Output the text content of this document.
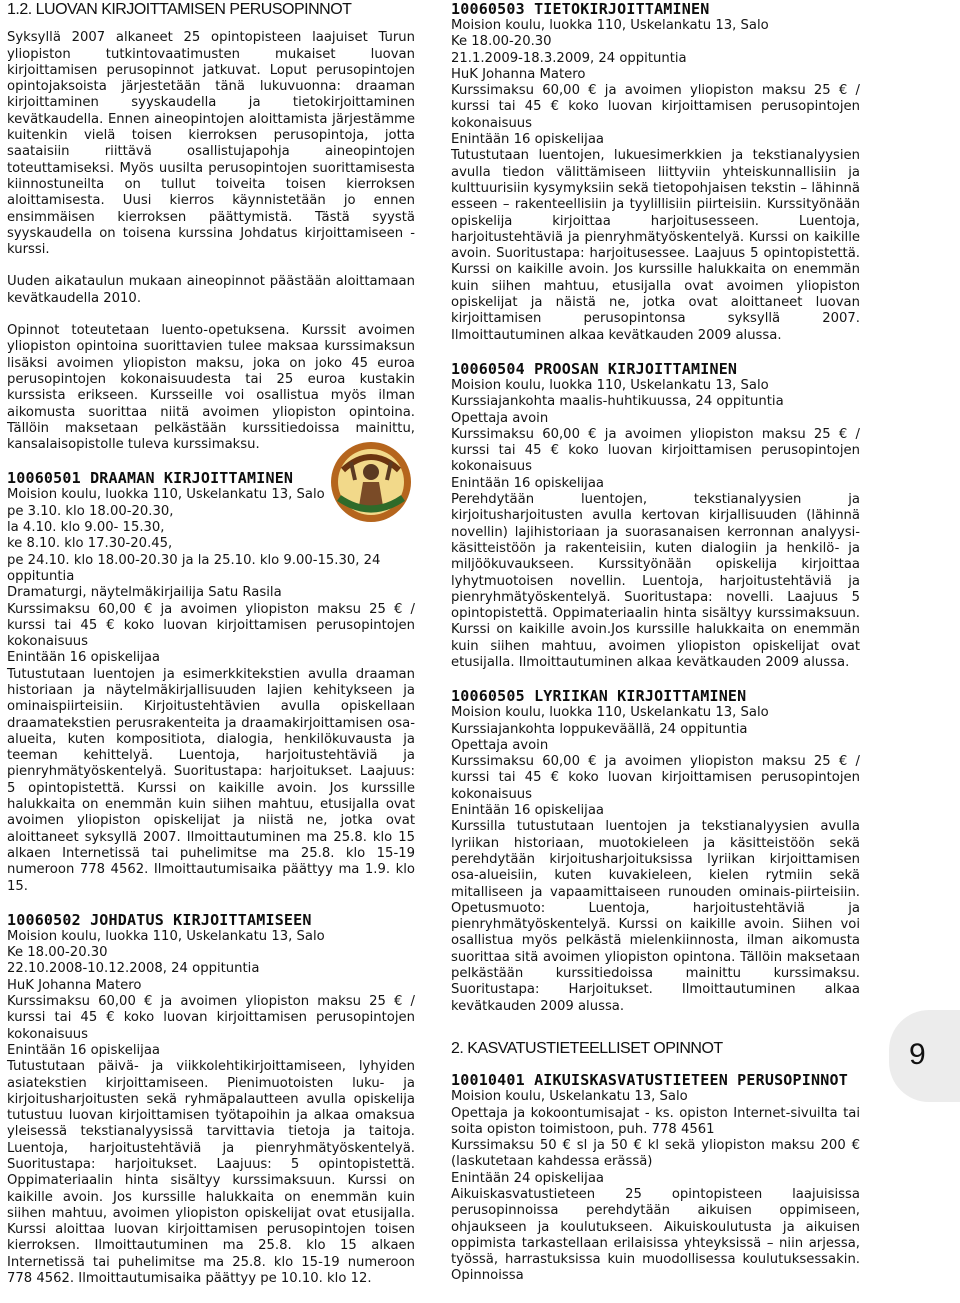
1.2. LUOVAN KIRJOITTAMISEN PERUSOPINNOT

Syksyllä 2007 alkaneet 25 opintopisteen laajuiset Turun yliopiston tutkintovaatimusten mukaiset luovan kirjoittamisen perusopinnot jatkuvat. Loput perusopintojen opintojaksoista järjestetään tänä lukuvuonna: draaman kirjoittaminen syyskaudella ja tietokirjoittaminen kevätkaudella. Ennen aineopintojen aloittamista järjestämme kuitenkin vielä toisen kierroksen perusopintoja, jotta saataisiin riittävä osallistujapohja aineopintojen toteuttamiseksi. Myös uusilta perusopintojen suorittamisesta kiinnostuneilta on tullut toiveita toisen kierroksen aloittamisesta. Uusi kierros käynnistetään jo ennen ensimmäisen kierroksen päättymistä. Tästä syystä syyskaudella on toisena kurssina Johdatus kirjoittamiseen -kurssi.

Uuden aikataulun mukaan aineopinnot päästään aloittamaan kevätkaudella 2010.

Opinnot toteutetaan luento-opetuksena. Kurssit avoimen yliopiston opintoina suorittavien tulee maksaa kurssimaksun lisäksi avoimen yliopiston maksu, joka on joko 45 euroa perusopintojen kokonaisuudesta tai 25 euroa kustakin kurssista erikseen. Kursseille voi osallistua myös ilman aikomusta suorittaa niitä avoimen yliopiston opintoina. Tällöin maksetaan pelkästään kurssitiedoissa mainittu, kansalaisopistolle tuleva kurssimaksu.

10060501 DRAAMAN KIRJOITTAMINEN
Moision koulu, luokka 110, Uskelankatu 13, Salo
pe 3.10. klo 18.00-20.30,
la 4.10. klo 9.00- 15.30,
ke 8.10. klo 17.30-20.45,
pe 24.10. klo 18.00-20.30 ja la 25.10. klo 9.00-15.30, 24 oppituntia
Dramaturgi, näytelmäkirjailija Satu Rasila
Kurssimaksu 60,00 € ja avoimen yliopiston maksu 25 € / kurssi tai 45 € koko luovan kirjoittamisen perusopintojen kokonaisuus
Enintään 16 opiskelijaa
Tutustutaan luentojen ja esimerkkitekstien avulla draaman historiaan ja näytelmäkirjallisuuden lajien kehitykseen ja ominaispiirteisiin. Kirjoitustehtävien avulla opiskellaan draamatekstien perusrakenteita ja draamakirjoittamisen osa-alueita, kuten kompositiota, dialogia, henkilökuvausta ja teeman kehittelyä. Luentoja, harjoitustehtäviä ja pienryhmätyöskentelyä. Suoritustapa: harjoitukset. Laajuus: 5 opintopistettä. Kurssi on kaikille avoin. Jos kurssille halukkaita on enemmän kuin siihen mahtuu, etusijalla ovat avoimen yliopiston opiskelijat ja niistä ne, jotka ovat aloittaneet syksyllä 2007. Ilmoittautuminen ma 25.8. klo 15 alkaen Internetissä tai puhelimitse ma 25.8. klo 15-19 numeroon 778 4562. Ilmoittautumisaika päättyy ma 1.9. klo 15.
10060502 JOHDATUS KIRJOITTAMISEEN
Moision koulu, luokka 110, Uskelankatu 13, Salo
Ke 18.00-20.30
22.10.2008-10.12.2008, 24 oppituntia
HuK Johanna Matero
Kurssimaksu 60,00 € ja avoimen yliopiston maksu 25 € / kurssi tai 45 € koko luovan kirjoittamisen perusopintojen kokonaisuus
Enintään 16 opiskelijaa
Tutustutaan päivä- ja viikkolehtikirjoittamiseen, lyhyiden asiatekstien kirjoittamiseen. Pienimuotoisten luku- ja kirjoitusharjoitusten sekä ryhmäpalautteen avulla opiskelija tutustuu luovan kirjoittamisen työtapoihin ja alkaa omaksua yleisessä tekstianalyysissä tarvittavia tietoja ja taitoja. Luentoja, harjoitustehtäviä ja pienryhmätyöskentelyä. Suoritustapa: harjoitukset. Laajuus: 5 opintopistettä. Oppimateriaalin hinta sisältyy kurssimaksuun. Kurssi on kaikille avoin. Jos kurssille halukkaita on enemmän kuin siihen mahtuu, avoimen yliopiston opiskelijat ovat etusijalla. Kurssi aloittaa luovan kirjoittamisen perusopintojen toisen kierroksen. Ilmoittautuminen ma 25.8. klo 15 alkaen Internetissä tai puhelimitse ma 25.8. klo 15-19 numeroon 778 4562. Ilmoittautumisaika päättyy pe 10.10. klo 12.
10060503 TIETOKIRJOITTAMINEN
Moision koulu, luokka 110, Uskelankatu 13, Salo
Ke 18.00-20.30
21.1.2009-18.3.2009, 24 oppituntia
HuK Johanna Matero
Kurssimaksu 60,00 € ja avoimen yliopiston maksu 25 € / kurssi tai 45 € koko luovan kirjoittamisen perusopintojen kokonaisuus
Enintään 16 opiskelijaa
Tutustutaan luentojen, lukuesimerkkien ja tekstianalyysien avulla tiedon välittämiseen liittyviin yhteiskunnallisiin ja kulttuurisiin kysymyksiin sekä tietopohjaisen tekstin – lähinnä esseen – rakenteellisiin ja tyylillisiin piirteisiin. Kurssityönään opiskelija kirjoittaa harjoitusesseen. Luentoja, harjoitustehtäviä ja pienryhmätyöskentelyä. Kurssi on kaikille avoin. Suoritustapa: harjoitusessee. Laajuus 5 opintopistettä. Kurssi on kaikille avoin. Jos kurssille halukkaita on enemmän kuin siihen mahtuu, etusijalla ovat avoimen yliopiston opiskelijat ja näistä ne, jotka ovat aloittaneet luovan kirjoittamisen perusopintonsa syksyllä 2007. Ilmoittautuminen alkaa kevätkauden 2009 alussa.
10060504 PROOSAN KIRJOITTAMINEN
Moision koulu, luokka 110, Uskelankatu 13, Salo
Kurssiajankohta maalis-huhtikuussa, 24 oppituntia
Opettaja avoin
Kurssimaksu 60,00 € ja avoimen yliopiston maksu 25 € / kurssi tai 45 € koko luovan kirjoittamisen perusopintojen kokonaisuus
Enintään 16 opiskelijaa
Perehdytään luentojen, tekstianalyysien ja kirjoitusharjoitusten avulla kertovan kirjallisuuden (lähinnä novellin) lajihistoriaan ja suorasanaisen kerronnan analyysi-käsitteistöön ja rakenteisiin, kuten dialogiin ja henkilö- ja miljöökuvaukseen. Kurssityönään opiskelija kirjoittaa lyhytmuotoisen novellin. Luentoja, harjoitustehtäviä ja pienryhmätyöskentelyä. Suoritustapa: novelli. Laajuus 5 opintopistettä. Oppimateriaalin hinta sisältyy kurssimaksuun. Kurssi on kaikille avoin.Jos kurssille halukkaita on enemmän kuin siihen mahtuu, avoimen yliopiston opiskelijat ovat etusijalla. Ilmoittautuminen alkaa kevätkauden 2009 alussa.
10060505 LYRIIKAN KIRJOITTAMINEN
Moision koulu, luokka 110, Uskelankatu 13, Salo
Kurssiajankohta loppukeväällä, 24 oppituntia
Opettaja avoin
Kurssimaksu 60,00 € ja avoimen yliopiston maksu 25 € / kurssi tai 45 € koko luovan kirjoittamisen perusopintojen kokonaisuus
Enintään 16 opiskelijaa
Kurssilla tutustutaan luentojen ja tekstianalyysien avulla lyriikan historiaan, muotokieleen ja käsitteistöön sekä perehdytään kirjoitusharjoituksissa lyriikan kirjoittamisen osa-alueisiin, kuten kuvakieleen, kielen rytmiin sekä mitalliseen ja vapaamittaiseen runouden ominais-piirteisiin. Opetusmuoto: Luentoja, harjoitustehtäviä ja pienryhmätyöskentelyä. Kurssi on kaikille avoin. Siihen voi osallistua myös pelkästä mielenkiinnosta, ilman aikomusta suorittaa sitä avoimen yliopiston opintona. Tällöin maksetaan pelkästään kurssitiedoissa mainittu kurssimaksu. Suoritustapa: Harjoitukset. Ilmoittautuminen alkaa kevätkauden 2009 alussa.
2. KASVATUSTIETEELLISET OPINNOT
10010401 AIKUISKASVATUSTIETEEN PERUSOPINNOT
Moision koulu, Uskelankatu 13, Salo
Opettaja ja kokoontumisajat - ks. opiston Internet-sivuilta tai soita opiston toimistoon, puh. 778 4561
Kurssimaksu 50 € sl ja 50 € kl sekä yliopiston maksu 200 € (laskutetaan kahdessa erässä)
Enintään 24 opiskelijaa
Aikuiskasvatustieteen 25 opintopisteen laajuisissa perusopinnoissa perehdytään aikuisen oppimiseen, ohjaukseen ja koulutukseen. Aikuiskoulutusta ja aikuisen oppimista tarkastellaan erilaisissa yhteyksissä – niin arjessa, työssä, harrastuksissa kuin muodollisessa koulutuksessakin. Opinnoissa
9
